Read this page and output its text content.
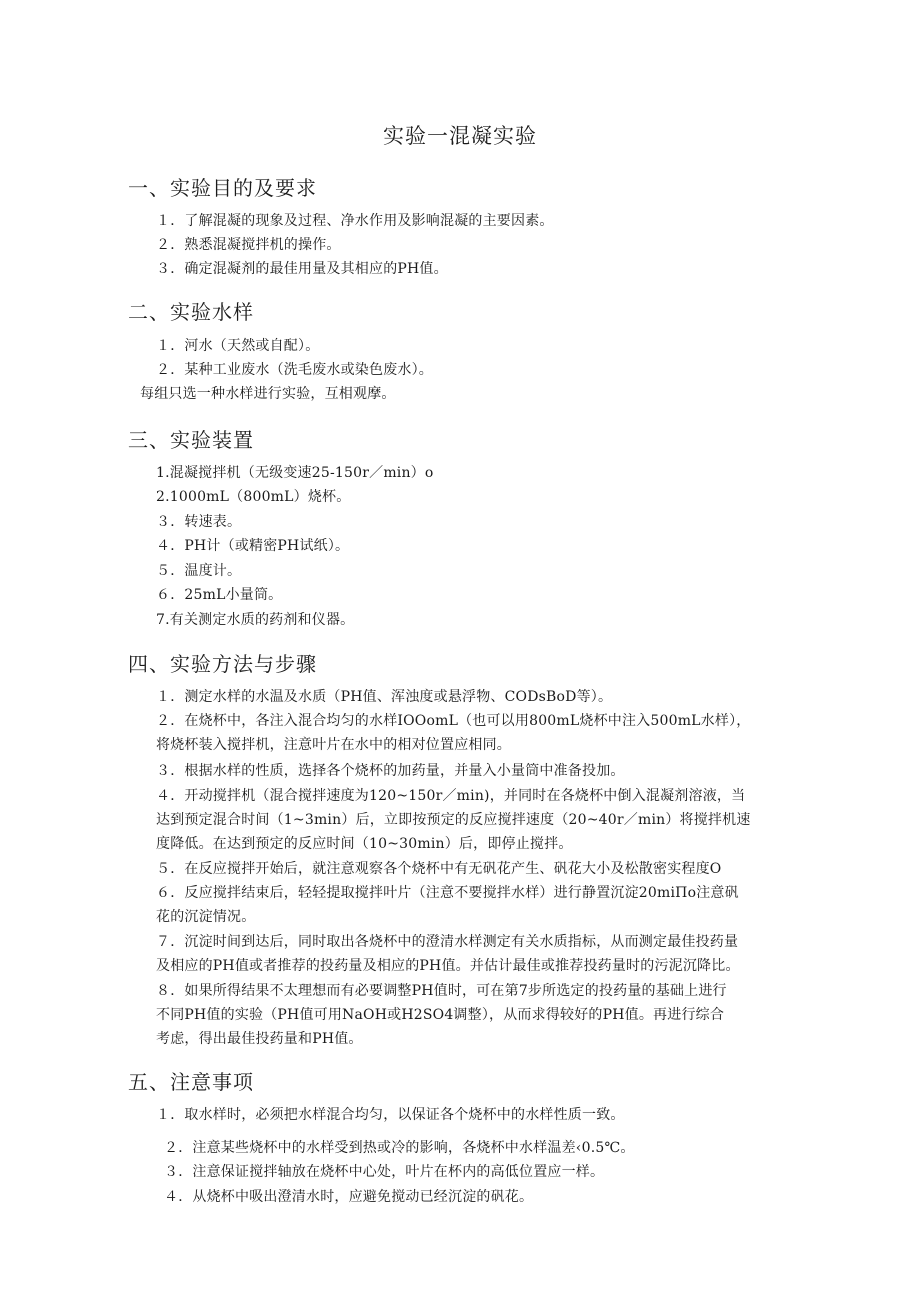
实验一混凝实验
一、实验目的及要求

１．了解混凝的现象及过程、净水作用及影响混凝的主要因素。

２．熟悉混凝搅拌机的操作。

３．确定混凝剂的最佳用量及其相应的PH值。

二、实验水样

１．河水（天然或自配）。

２．某种工业废水（洗毛废水或染色废水）。

每组只选一种水样进行实验，互相观摩。

三、实验装置

1.混凝搅拌机（无级变速25-150r／min）o

2.1000mL（800mL）烧杯。

３．转速表。

４．PH计（或精密PH试纸）。

５．温度计。

６．25mL小量筒。

7.有关测定水质的药剂和仪器。

四、实验方法与步骤

１．测定水样的水温及水质（PH值、浑浊度或悬浮物、CODsBoD等）。

２．在烧杯中，各注入混合均匀的水样IOOomL（也可以用800mL烧杯中注入500mL水样），

将烧杯装入搅拌机，注意叶片在水中的相对位置应相同。

３．根据水样的性质，选择各个烧杯的加药量，并量入小量筒中准备投加。

４．开动搅拌机（混合搅拌速度为120~150r／min)，并同时在各烧杯中倒入混凝剂溶液，当

达到预定混合时间（1~3min）后，立即按预定的反应搅拌速度（20~40r／min）将搅拌机速

度降低。在达到预定的反应时间（10~30min）后，即停止搅拌。

５．在反应搅拌开始后，就注意观察各个烧杯中有无矾花产生、矾花大小及松散密实程度O

６．反应搅拌结束后，轻轻提取搅拌叶片（注意不要搅拌水样）进行静置沉淀20miΠo注意矾

花的沉淀情况。

７．沉淀时间到达后，同时取出各烧杯中的澄清水样测定有关水质指标，从而测定最佳投药量

及相应的PH值或者推荐的投药量及相应的PH值。并估计最佳或推荐投药量时的污泥沉降比。

８．如果所得结果不太理想而有必要调整PH值时，可在第7步所选定的投药量的基础上进行

不同PH值的实验（PH值可用NaOH或H2SO4调整），从而求得较好的PH值。再进行综合

考虑，得出最佳投药量和PH值。

五、注意事项

１．取水样时，必须把水样混合均匀，以保证各个烧杯中的水样性质一致。

２．注意某些烧杯中的水样受到热或冷的影响，各烧杯中水样温差‹0.5℃。

３．注意保证搅拌轴放在烧杯中心处，叶片在杯内的高低位置应一样。

４．从烧杯中吸出澄清水时，应避免搅动已经沉淀的矾花。
